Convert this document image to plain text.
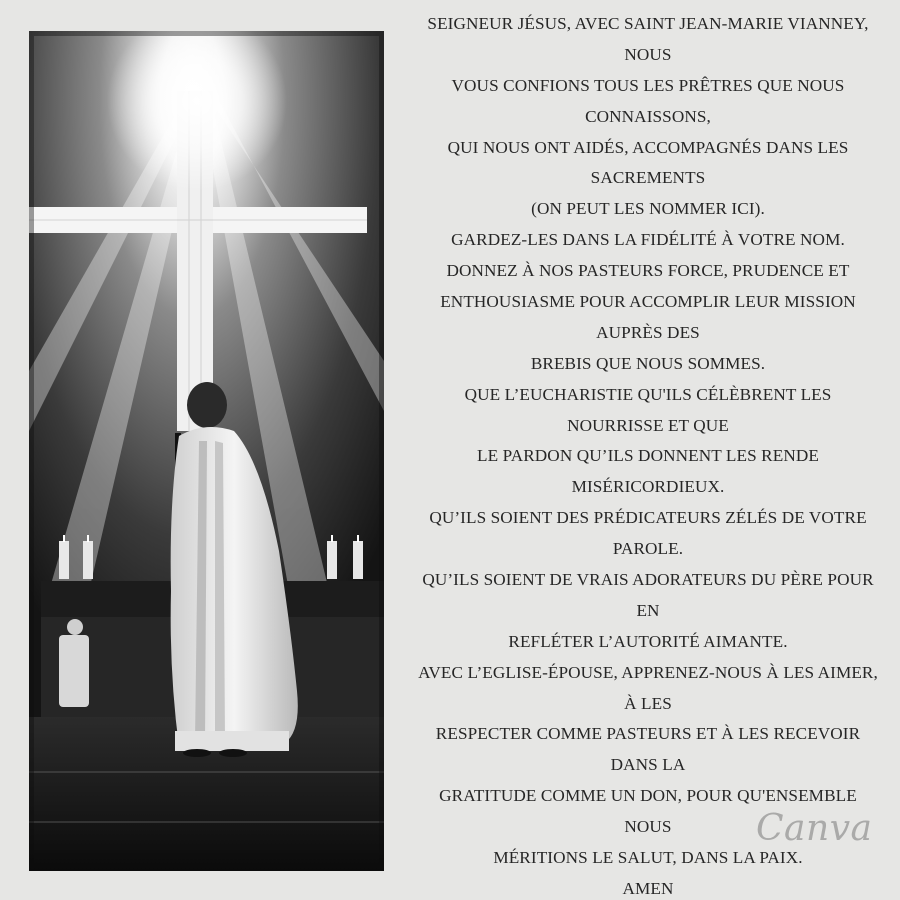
SEIGNEUR JÉSUS, AVEC SAINT JEAN-MARIE VIANNEY,
NOUS
VOUS CONFIONS TOUS LES PRÊTRES QUE NOUS
CONNAISSONS,
QUI NOUS ONT AIDÉS, ACCOMPAGNÉS DANS LES
SACREMENTS
(ON PEUT LES NOMMER ICI).
GARDEZ-LES DANS LA FIDÉLITÉ À VOTRE NOM.
DONNEZ À NOS PASTEURS FORCE, PRUDENCE ET
ENTHOUSIASME POUR ACCOMPLIR LEUR MISSION
AUPRÈS DES
BREBIS QUE NOUS SOMMES.
QUE L’EUCHARISTIE QU'ILS CÉLÈBRENT LES
NOURRISSE ET QUE
LE PARDON QU’ILS DONNENT LES RENDE
MISÉRICORDIEUX.
QU’ILS SOIENT DES PRÉDICATEURS ZÉLÉS DE VOTRE
PAROLE.
QU’ILS SOIENT DE VRAIS ADORATEURS DU PÈRE POUR
EN
REFLÉTER L’AUTORITÉ AIMANTE.
AVEC L’EGLISE-ÉPOUSE, APPRENEZ-NOUS À LES AIMER,
À LES
RESPECTER COMME PASTEURS ET À LES RECEVOIR
DANS LA
GRATITUDE COMME UN DON, POUR QU'ENSEMBLE
NOUS
MÉRITIONS LE SALUT, DANS LA PAIX.
AMEN
Canva
